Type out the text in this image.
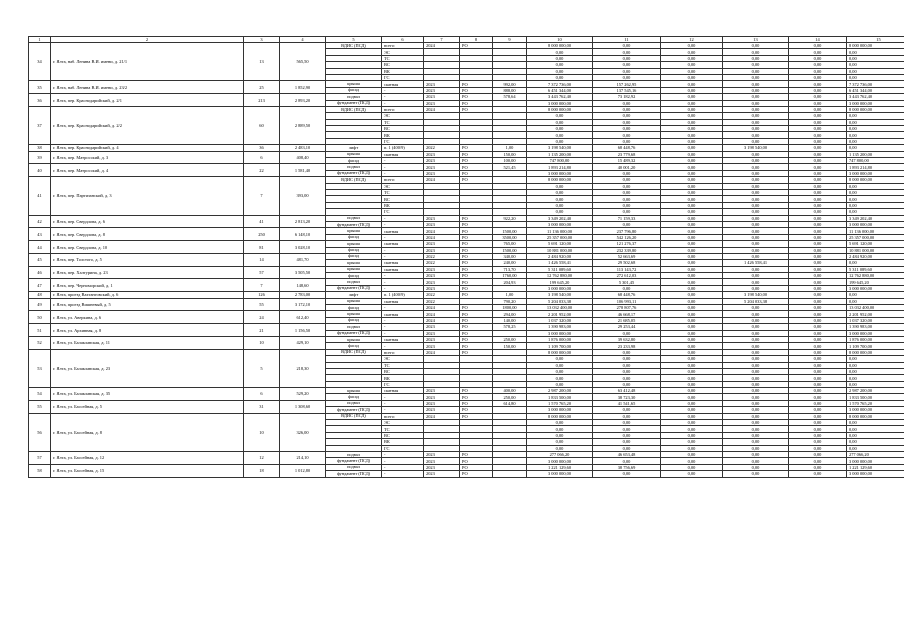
1	2	3	4	5	6	7	8	9	10	11	12	13	14	15
34	г. Ялта, наб. Ленина В.И. имени, д. 21/1	13	565,50	ВДИС (ПСД)	всего:	2024	РО		8 000 000,00	0,00	0,00	0,00	0,00	8 000 000,00
					ЭС				0,00	0,00	0,00	0,00	0,00	0,00
					ТС				0,00	0,00	0,00	0,00	0,00	0,00
					ВС				0,00	0,00	0,00	0,00	0,00	0,00
					ВК				0,00	0,00	0,00	0,00	0,00	0,00
					ГС				0,00	0,00	0,00	0,00	0,00	0,00
35	г. Ялта, наб. Ленина В.И. имени, д. 23/2	25	1 852,90	крыша	скатная	2023	РО	992,00	7 372 736,00	157 262,95	0,00	0,00	0,00	7 372 736,00
				фасад	-	2023	РО	888,00	6 451 344,00	137 545,16	0,00	0,00	0,00	6 451 344,00
36	г. Ялта, пер. Краснодарийский, д. 2/1	213	2 893,20	подвал	-	2023	РО	578,64	3 443 762,40	73 182,92	0,00	0,00	0,00	3 443 762,40
				фундамент (ПСД)	-	2023	РО		3 000 000,00	0,00	0,00	0,00	0,00	3 000 000,00
37	г. Ялта, пер. Краснодарийский, д. 2/2	60	2 889,50	ВДИС (ПСД)	всего:	2024	РО		8 000 000,00	0,00	0,00	0,00	0,00	8 000 000,00
					ЭС				0,00	0,00	0,00	0,00	0,00	0,00
					ТС				0,00	0,00	0,00	0,00	0,00	0,00
					ВС				0,00	0,00	0,00	0,00	0,00	0,00
					ВК				0,00	0,00	0,00	0,00	0,00	0,00
					ГС				0,00	0,00	0,00	0,00	0,00	0,00
38	г. Ялта, пер. Краснодарийский, д. 4	36	2 483,10	лифт	п. 1 (400/9)	2022	РО	1,00	3 198 540,00	68 448,76	0,00	3 198 540,00	0,00	0,00
39	г. Ялта, пер. Матросский, д. 3	6	408,40	крыша	скатная	2023	РО	150,00	1 135 200,00	23 779,68	0,00	0,00	0,00	1 135 200,00
				фасад	-	2023	РО	100,00	747 800,00	15 489,32	0,00	0,00	0,00	747 800,00
40	г. Ялта, пер. Матросский, д. 4	22	1 581,40	подвал	-	2023	РО	521,45	1 893 214,80	40 001,20	0,00	0,00	0,00	1 893 214,80
				фундамент (ПСД)	-	2023	РО		3 000 000,00	0,00	0,00	0,00	0,00	3 000 000,00
41	г. Ялта, пер. Партизанский, д. 3	7	393,00	ВДИС (ПСД)	всего:	2024	РО		8 000 000,00	0,00	0,00	0,00	0,00	8 000 000,00
					ЭС				0,00	0,00	0,00	0,00	0,00	0,00
					ТС				0,00	0,00	0,00	0,00	0,00	0,00
					ВС				0,00	0,00	0,00	0,00	0,00	0,00
					ВК				0,00	0,00	0,00	0,00	0,00	0,00
					ГС				0,00	0,00	0,00	0,00	0,00	0,00
42	г. Ялта, пер. Свердлова, д. 6	41	2 813,20	подвал	-	2023	РО	922,20	3 349 202,40	71 159,33	0,00	0,00	0,00	3 349 202,40
				фундамент (ПСД)	-	2023	РО		3 000 000,00	0,00	0,00	0,00	0,00	3 000 000,00
43	г. Ялта, пер. Свердлова, д. 8	250	6 148,10	крыша	скатная	2024	РО	1500,00	11 136 000,00	237 796,80	0,00	0,00	0,00	11 136 000,00
				фасад	-	2024	РО	3500,00	25 357 000,00	542 126,20	0,00	0,00	0,00	25 357 000,00
44	г. Ялта, пер. Свердлова, д. 10	81	3 028,10	крыша	скатная	2023	РО	765,00	5 691 120,00	121 276,37	0,00	0,00	0,00	5 691 120,00
				фасад	-	2023	РО	1500,00	10 881 000,00	232 339,80	0,00	0,00	0,00	10 881 000,00
45	г. Ялта, пер. Толстого, д. 5	14	481,70	фасад	-	2022	РО	340,00	2 484 920,00	52 663,69	0,00	0,00	0,00	2 484 920,00
				крыша	скатная	2022	РО	240,00	1 426 558,41	29 502,68	0,00	1 426 558,41	0,00	0,00
46	г. Ялта, пер. Халтурина, д. 23	57	3 505,50	крыша	скатная	2023	РО	713,70	5 311 089,60	113 143,72	0,00	0,00	0,00	5 311 089,60
				фасад	-	2023	РО	1760,00	12 762 880,00	272 612,03	0,00	0,00	0,00	12 762 880,00
47	г. Ялта, пер. Черноморский, д. 1	7	148,60	подвал	-	2023	РО	204,93	199 645,20	5 301,45	0,00	0,00	0,00	199 645,20
				фундамент (ПСД)	-	2023	РО		3 000 000,00	0,00	0,00	0,00	0,00	3 000 000,00
48	г. Ялта, проезд Вахтанговский, д. 6	126	2 783,00	лифт	п. 1 (400/9)	2022	РО	1,00	3 198 540,00	68 448,76	0,00	3 198 540,00	0,00	0,00
49	г. Ялта, проезд Вишневый, д. 5	55	3 172,10	крыша	скатная	2022		790,20	5 204 033,38	106 993,11	0,00	5 204 033,38	0,00	0,00
				фасад	-	2024	РО	1800,00	13 032 400,00	278 807,76	0,00	0,00	0,00	13 032 400,00
50	г. Ялта, ул. Аверкина, д. 6	24	612,40	крыша	скатная	2024	РО	294,00	2 201 952,00	46 668,17	0,00	0,00	0,00	2 201 952,00
				фасад	-	2024	РО	140,00	1 037 320,00	21 685,05	0,00	0,00	0,00	1 037 320,00
51	г. Ялта, ул. Архивная, д. 8	21	1 156,50	подвал	-	2023	РО	578,25	1 390 983,00	29 253,44	0,00	0,00	0,00	1 390 983,00
				фундамент (ПСД)	-	2023	РО		3 000 000,00	0,00	0,00	0,00	0,00	3 000 000,00
52	г. Ялта, ул. Балаклавская, д. 11	10	429,10	крыша	скатная	2023	РО	250,00	1 876 000,00	39 632,80	0,00	0,00	0,00	1 876 000,00
				фасад	-	2023	РО	150,00	1 109 700,00	23 233,98	0,00	0,00	0,00	1 109 700,00
53	г. Ялта, ул. Балаклавская, д. 23	5	218,30	ВДИС (ПСД)	всего:	2024	РО		8 000 000,00	0,00	0,00	0,00	0,00	8 000 000,00
					ЭС				0,00	0,00	0,00	0,00	0,00	0,00
					ТС				0,00	0,00	0,00	0,00	0,00	0,00
					ВС				0,00	0,00	0,00	0,00	0,00	0,00
					ВК				0,00	0,00	0,00	0,00	0,00	0,00
					ГС				0,00	0,00	0,00	0,00	0,00	0,00
54	г. Ялта, ул. Балаклавская, д. 35	6	529,20	крыша	скатная	2023	РО	400,00	2 987 200,00	63 412,48	0,00	0,00	0,00	2 987 200,00
				фасад	-	2023	РО	250,00	1 833 500,00	38 723,30	0,00	0,00	0,00	1 833 500,00
55	г. Ялта, ул. Бассейная, д. 5	31	1 308,60	подвал	-	2023	РО	614,80	1 570 765,20	41 541,65	0,00	0,00	0,00	1 570 765,20
				фундамент (ПСД)	-	2023	РО		3 000 000,00	0,00	0,00	0,00	0,00	3 000 000,00
56	г. Ялта, ул. Бассейная, д. 8	10	326,00	ВДИС (ПСД)	всего:	2024	РО		8 000 000,00	0,00	0,00	0,00	0,00	8 000 000,00
					ЭС				0,00	0,00	0,00	0,00	0,00	0,00
					ТС				0,00	0,00	0,00	0,00	0,00	0,00
					ВС				0,00	0,00	0,00	0,00	0,00	0,00
					ВК				0,00	0,00	0,00	0,00	0,00	0,00
					ГС				0,00	0,00	0,00	0,00	0,00	0,00
57	г. Ялта, ул. Бассейная, д. 12	12	214,10	подвал	-	2023	РО		277 066,20	46 653,48	0,00	0,00	0,00	277 066,20
				фундамент (ПСД)	-	2023	РО		3 000 000,00	0,00	0,00	0,00	0,00	3 000 000,00
58	г. Ялта, ул. Бассейная, д. 15	18	1 012,80	подвал	-	2023	РО		1 221 129,60	38 756,69	0,00	0,00	0,00	1 221 129,60
				фундамент (ПСД)	-	2023	РО		3 000 000,00	0,00	0,00	0,00	0,00	3 000 000,00
